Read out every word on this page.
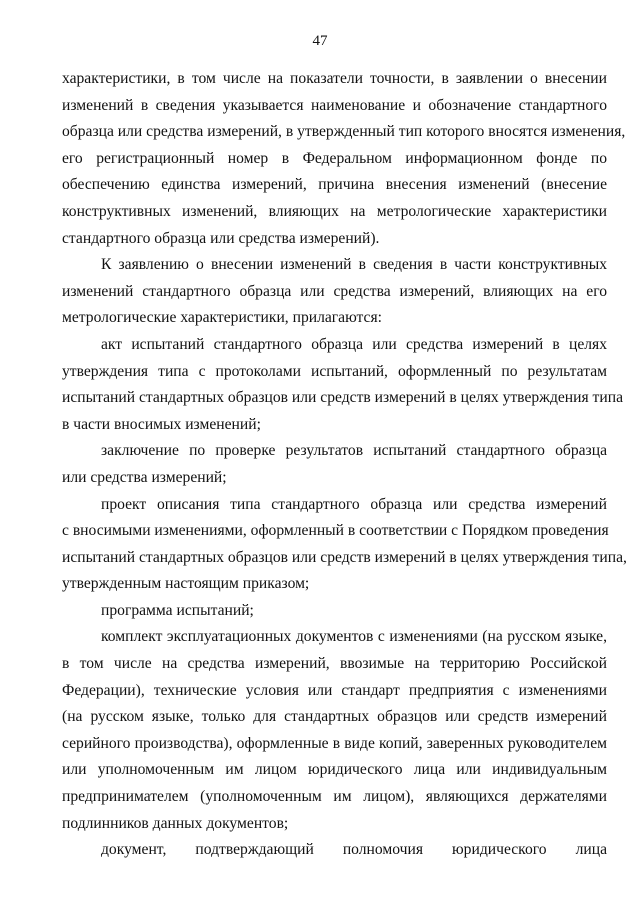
47
характеристики, в том числе на показатели точности, в заявлении о внесении
изменений в сведения указывается наименование и обозначение стандартного
образца или средства измерений, в утвержденный тип которого вносятся изменения,
его регистрационный номер в Федеральном информационном фонде по
обеспечению единства измерений, причина внесения изменений (внесение
конструктивных изменений, влияющих на метрологические характеристики
стандартного образца или средства измерений).
К заявлению о внесении изменений в сведения в части конструктивных
изменений стандартного образца или средства измерений, влияющих на его
метрологические характеристики, прилагаются:
акт испытаний стандартного образца или средства измерений в целях
утверждения типа с протоколами испытаний, оформленный по результатам
испытаний стандартных образцов или средств измерений в целях утверждения типа
в части вносимых изменений;
заключение по проверке результатов испытаний стандартного образца
или средства измерений;
проект описания типа стандартного образца или средства измерений
с вносимыми изменениями, оформленный в соответствии с Порядком проведения
испытаний стандартных образцов или средств измерений в целях утверждения типа,
утвержденным настоящим приказом;
программа испытаний;
комплект эксплуатационных документов с изменениями (на русском языке,
в том числе на средства измерений, ввозимые на территорию Российской
Федерации), технические условия или стандарт предприятия с изменениями
(на русском языке, только для стандартных образцов или средств измерений
серийного производства), оформленные в виде копий, заверенных руководителем
или уполномоченным им лицом юридического лица или индивидуальным
предпринимателем (уполномоченным им лицом), являющихся держателями
подлинников данных документов;
документ, подтверждающий полномочия юридического лица
